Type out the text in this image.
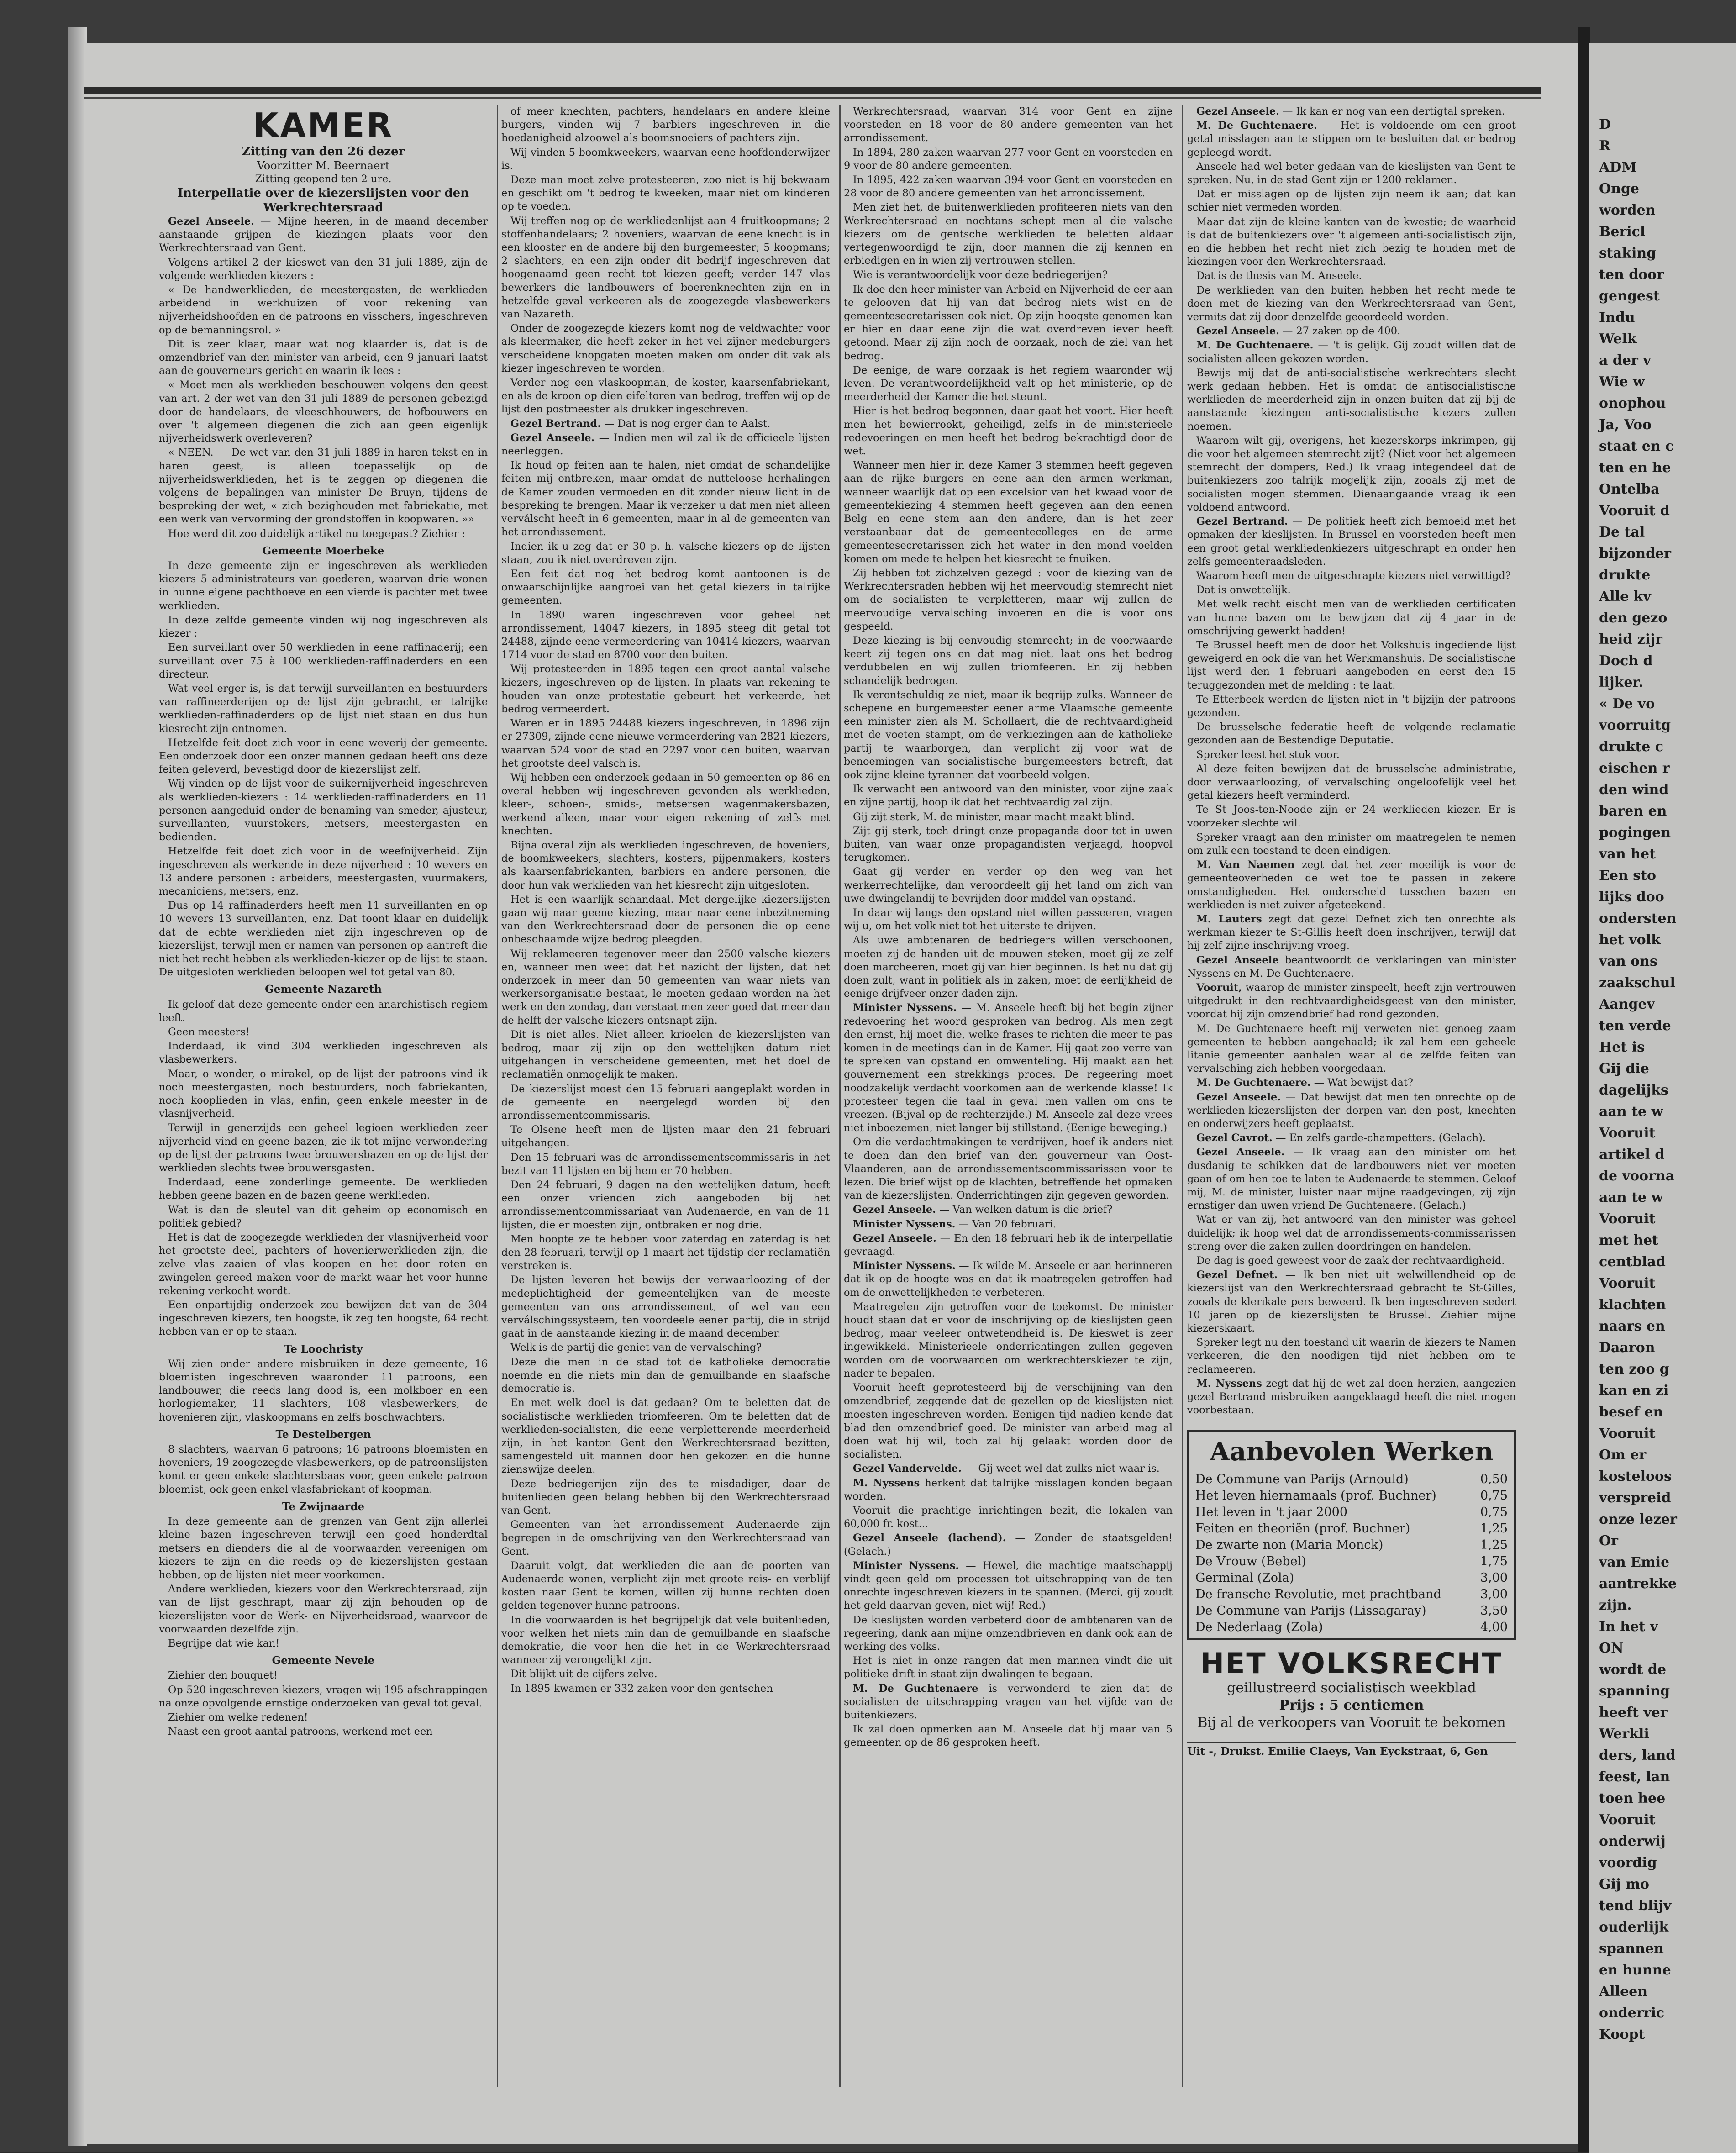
D
R
ADM
Onge
worden
Bericl
staking
ten door
gengest
Indu
Welk
a der v
Wie w
onophou
Ja, Voo
staat en c
ten en he
Ontelba
Vooruit d
De tal
bijzonder
drukte
Alle kv
den gezo
heid zijr
Doch d
lijker.
« De vo
voorruitg
drukte c
eischen r
den wind
baren en
pogingen
van het
Een sto
lijks doo
ondersten
het volk
van ons
zaakschul
Aangev
ten verde
Het is
Gij die
dagelijks
aan te w
Vooruit
artikel d
de voorna
aan te w
Vooruit
met het
centblad
Vooruit
klachten
naars en
Daaron
ten zoo g
kan en zi
besef en
Vooruit
Om er
kosteloos
verspreid
onze lezer
Or
van Emie
aantrekke
zijn.
In het v
ON
wordt de
spanning
heeft ver
Werkli
ders, land
feest, lan
toen hee
Vooruit
onderwij
voordig
Gij mo
tend blijv
ouderlijk
spannen
en hunne
Alleen
onderric
Koopt
KAMER
Zitting van den 26 dezer
Voorzitter M. Beernaert
Zitting geopend ten 2 ure.
Interpellatie over de kiezerslijsten voor den Werkrechtersraad

Gezel Anseele. — Mijne heeren, in de maand december aanstaande grijpen de kiezingen plaats voor den Werkrechtersraad van Gent.

Volgens artikel 2 der kieswet van den 31 juli 1889, zijn de volgende werklieden kiezers :

« De handwerklieden, de meestergasten, de werklieden arbeidend in werkhuizen of voor rekening van nijverheidshoofden en de patroons en visschers, ingeschreven op de bemanningsrol. »

Dit is zeer klaar, maar wat nog klaarder is, dat is de omzendbrief van den minister van arbeid, den 9 januari laatst aan de gouverneurs gericht en waarin ik lees :

« Moet men als werklieden beschouwen volgens den geest van art. 2 der wet van den 31 juli 1889 de personen gebezigd door de handelaars, de vleeschhouwers, de hofbouwers en over 't algemeen diegenen die zich aan geen eigenlijk nijverheidswerk overleveren?

« NEEN. — De wet van den 31 juli 1889 in haren tekst en in haren geest, is alleen toepasselijk op de nijverheidswerklieden, het is te zeggen op diegenen die volgens de bepalingen van minister De Bruyn, tijdens de bespreking der wet, « zich bezighouden met fabriekatie, met een werk van vervorming der grondstoffen in koopwaren. »»

Hoe werd dit zoo duidelijk artikel nu toegepast? Ziehier :

Gemeente Moerbeke

In deze gemeente zijn er ingeschreven als werklieden kiezers 5 administrateurs van goederen, waarvan drie wonen in hunne eigene pachthoeve en een vierde is pachter met twee werklieden.

In deze zelfde gemeente vinden wij nog ingeschreven als kiezer :

Een surveillant over 50 werklieden in eene raffinaderij; een surveillant over 75 à 100 werklieden-raffinaderders en een directeur.

Wat veel erger is, is dat terwijl surveillanten en bestuurders van raffineerderijen op de lijst zijn gebracht, er talrijke werklieden-raffinaderders op de lijst niet staan en dus hun kiesrecht zijn ontnomen.

Hetzelfde feit doet zich voor in eene weverij der gemeente. Een onderzoek door een onzer mannen gedaan heeft ons deze feiten geleverd, bevestigd door de kiezerslijst zelf.

Wij vinden op de lijst voor de suikernijverheid ingeschreven als werklieden-kiezers : 14 werklieden-raffinaderders en 11 personen aangeduid onder de benaming van smeder, ajusteur, surveillanten, vuurstokers, metsers, meestergasten en bedienden.

Hetzelfde feit doet zich voor in de weefnijverheid. Zijn ingeschreven als werkende in deze nijverheid : 10 wevers en 13 andere personen : arbeiders, meestergasten, vuurmakers, mecaniciens, metsers, enz.

Dus op 14 raffinaderders heeft men 11 surveillanten en op 10 wevers 13 surveillanten, enz. Dat toont klaar en duidelijk dat de echte werklieden niet zijn ingeschreven op de kiezerslijst, terwijl men er namen van personen op aantreft die niet het recht hebben als werklieden-kiezer op de lijst te staan. De uitgesloten werklieden beloopen wel tot getal van 80.

Gemeente Nazareth

Ik geloof dat deze gemeente onder een anarchistisch regiem leeft.

Geen meesters!

Inderdaad, ik vind 304 werklieden ingeschreven als vlasbewerkers.

Maar, o wonder, o mirakel, op de lijst der patroons vind ik noch meestergasten, noch bestuurders, noch fabriekanten, noch kooplieden in vlas, enfin, geen enkele meester in de vlasnijverheid.

Terwijl in generzijds een geheel legioen werklieden zeer nijverheid vind en geene bazen, zie ik tot mijne verwondering op de lijst der patroons twee brouwersbazen en op de lijst der werklieden slechts twee brouwersgasten.

Inderdaad, eene zonderlinge gemeente. De werklieden hebben geene bazen en de bazen geene werklieden.

Wat is dan de sleutel van dit geheim op economisch en politiek gebied?

Het is dat de zoogezegde werklieden der vlasnijverheid voor het grootste deel, pachters of hovenierwerklieden zijn, die zelve vlas zaaien of vlas koopen en het door roten en zwingelen gereed maken voor de markt waar het voor hunne rekening verkocht wordt.

Een onpartijdig onderzoek zou bewijzen dat van de 304 ingeschreven kiezers, ten hoogste, ik zeg ten hoogste, 64 recht hebben van er op te staan.

Te Loochristy

Wij zien onder andere misbruiken in deze gemeente, 16 bloemisten ingeschreven waaronder 11 patroons, een landbouwer, die reeds lang dood is, een molkboer en een horlogiemaker, 11 slachters, 108 vlasbewerkers, de hovenieren zijn, vlaskoopmans en zelfs boschwachters.

Te Destelbergen

8 slachters, waarvan 6 patroons; 16 patroons bloemisten en hoveniers, 19 zoogezegde vlasbewerkers, op de patroonslijsten komt er geen enkele slachtersbaas voor, geen enkele patroon bloemist, ook geen enkel vlasfabriekant of koopman.

Te Zwijnaarde

In deze gemeente aan de grenzen van Gent zijn allerlei kleine bazen ingeschreven terwijl een goed honderdtal metsers en dienders die al de voorwaarden vereenigen om kiezers te zijn en die reeds op de kiezerslijsten gestaan hebben, op de lijsten niet meer voorkomen.

Andere werklieden, kiezers voor den Werkrechtersraad, zijn van de lijst geschrapt, maar zij zijn behouden op de kiezerslijsten voor de Werk- en Nijverheidsraad, waarvoor de voorwaarden dezelfde zijn.

Begrijpe dat wie kan!

Gemeente Nevele

Ziehier den bouquet!

Op 520 ingeschreven kiezers, vragen wij 195 afschrappingen na onze opvolgende ernstige onderzoeken van geval tot geval.

Ziehier om welke redenen!

Naast een groot aantal patroons, werkend met een

of meer knechten, pachters, handelaars en andere kleine burgers, vinden wij 7 barbiers ingeschreven in die hoedanigheid alzoowel als boomsnoeiers of pachters zijn.

Wij vinden 5 boomkweekers, waarvan eene hoofdonderwijzer is.

Deze man moet zelve protesteeren, zoo niet is hij bekwaam en geschikt om 't bedrog te kweeken, maar niet om kinderen op te voeden.

Wij treffen nog op de werkliedenlijst aan 4 fruitkoopmans; 2 stoffenhandelaars; 2 hoveniers, waarvan de eene knecht is in een klooster en de andere bij den burgemeester; 5 koopmans; 2 slachters, en een zijn onder dit bedrijf ingeschreven dat hoogenaamd geen recht tot kiezen geeft; verder 147 vlas bewerkers die landbouwers of boerenknechten zijn en in hetzelfde geval verkeeren als de zoogezegde vlasbewerkers van Nazareth.

Onder de zoogezegde kiezers komt nog de veldwachter voor als kleermaker, die heeft zeker in het vel zijner medeburgers verscheidene knopgaten moeten maken om onder dit vak als kiezer ingeschreven te worden.

Verder nog een vlaskoopman, de koster, kaarsenfabriekant, en als de kroon op dien eifeltoren van bedrog, treffen wij op de lijst den postmeester als drukker ingeschreven.

Gezel Bertrand. — Dat is nog erger dan te Aalst.

Gezel Anseele. — Indien men wil zal ik de officieele lijsten neerleggen.

Ik houd op feiten aan te halen, niet omdat de schandelijke feiten mij ontbreken, maar omdat de nutteloose herhalingen de Kamer zouden vermoeden en dit zonder nieuw licht in de bespreking te brengen. Maar ik verzeker u dat men niet alleen verválscht heeft in 6 gemeenten, maar in al de gemeenten van het arrondissement.

Indien ik u zeg dat er 30 p. h. valsche kiezers op de lijsten staan, zou ik niet overdreven zijn.

Een feit dat nog het bedrog komt aantoonen is de onwaarschijnlijke aangroei van het getal kiezers in talrijke gemeenten.

In 1890 waren ingeschreven voor geheel het arrondissement, 14047 kiezers, in 1895 steeg dit getal tot 24488, zijnde eene vermeerdering van 10414 kiezers, waarvan 1714 voor de stad en 8700 voor den buiten.

Wij protesteerden in 1895 tegen een groot aantal valsche kiezers, ingeschreven op de lijsten. In plaats van rekening te houden van onze protestatie gebeurt het verkeerde, het bedrog vermeerdert.

Waren er in 1895 24488 kiezers ingeschreven, in 1896 zijn er 27309, zijnde eene nieuwe vermeerdering van 2821 kiezers, waarvan 524 voor de stad en 2297 voor den buiten, waarvan het grootste deel valsch is.

Wij hebben een onderzoek gedaan in 50 gemeenten op 86 en overal hebben wij ingeschreven gevonden als werklieden, kleer-, schoen-, smids-, metsersen wagenmakersbazen, werkend alleen, maar voor eigen rekening of zelfs met knechten.

Bijna overal zijn als werklieden ingeschreven, de hoveniers, de boomkweekers, slachters, kosters, pijpenmakers, kosters als kaarsenfabriekanten, barbiers en andere personen, die door hun vak werklieden van het kiesrecht zijn uitgesloten.

Het is een waarlijk schandaal. Met dergelijke kiezerslijsten gaan wij naar geene kiezing, maar naar eene inbezitneming van den Werkrechtersraad door de personen die op eene onbeschaamde wijze bedrog pleegden.

Wij reklameeren tegenover meer dan 2500 valsche kiezers en, wanneer men weet dat het nazicht der lijsten, dat het onderzoek in meer dan 50 gemeenten van waar niets van werkersorganisatie bestaat, le moeten gedaan worden na het werk en den zondag, dan verstaat men zeer goed dat meer dan de helft der valsche kiezers ontsnapt zijn.

Dit is niet alles. Niet alleen krioelen de kiezerslijsten van bedrog, maar zij zijn op den wettelijken datum niet uitgehangen in verscheidene gemeenten, met het doel de reclamatiën onmogelijk te maken.

De kiezerslijst moest den 15 februari aangeplakt worden in de gemeente en neergelegd worden bij den arrondissementcommissaris.

Te Olsene heeft men de lijsten maar den 21 februari uitgehangen.

Den 15 februari was de arrondissementscommissaris in het bezit van 11 lijsten en bij hem er 70 hebben.

Den 24 februari, 9 dagen na den wettelijken datum, heeft een onzer vrienden zich aangeboden bij het arrondissementcommissariaat van Audenaerde, en van de 11 lijsten, die er moesten zijn, ontbraken er nog drie.

Men hoopte ze te hebben voor zaterdag en zaterdag is het den 28 februari, terwijl op 1 maart het tijdstip der reclamatiën verstreken is.

De lijsten leveren het bewijs der verwaarloozing of der medeplichtigheid der gemeentelijken van de meeste gemeenten van ons arrondissement, of wel van een verválschingssysteem, ten voordeele eener partij, die in strijd gaat in de aanstaande kiezing in de maand december.

Welk is de partij die geniet van de vervalsching?

Deze die men in de stad tot de katholieke democratie noemde en die niets min dan de gemuilbande en slaafsche democratie is.

En met welk doel is dat gedaan? Om te beletten dat de socialistische werklieden triomfeeren. Om te beletten dat de werklieden-socialisten, die eene verpletterende meerderheid zijn, in het kanton Gent den Werkrechtersraad bezitten, samengesteld uit mannen door hen gekozen en die hunne zienswijze deelen.

Deze bedriegerijen zijn des te misdadiger, daar de buitenlieden geen belang hebben bij den Werkrechtersraad van Gent.

Gemeenten van het arrondissement Audenaerde zijn begrepen in de omschrijving van den Werkrechtersraad van Gent.

Daaruit volgt, dat werklieden die aan de poorten van Audenaerde wonen, verplicht zijn met groote reis- en verblijf kosten naar Gent te komen, willen zij hunne rechten doen gelden tegenover hunne patroons.

In die voorwaarden is het begrijpelijk dat vele buitenlieden, voor welken het niets min dan de gemuilbande en slaafsche demokratie, die voor hen die het in de Werkrechtersraad wanneer zij verongelijkt zijn.

Dit blijkt uit de cijfers zelve.

In 1895 kwamen er 332 zaken voor den gentschen

Werkrechtersraad, waarvan 314 voor Gent en zijne voorsteden en 18 voor de 80 andere gemeenten van het arrondissement.

In 1894, 280 zaken waarvan 277 voor Gent en voorsteden en 9 voor de 80 andere gemeenten.

In 1895, 422 zaken waarvan 394 voor Gent en voorsteden en 28 voor de 80 andere gemeenten van het arrondissement.

Men ziet het, de buitenwerklieden profiteeren niets van den Werkrechtersraad en nochtans schept men al die valsche kiezers om de gentsche werklieden te beletten aldaar vertegenwoordigd te zijn, door mannen die zij kennen en erbiedigen en in wien zij vertrouwen stellen.

Wie is verantwoordelijk voor deze bedriegerijen?

Ik doe den heer minister van Arbeid en Nijverheid de eer aan te gelooven dat hij van dat bedrog niets wist en de gemeentesecretarissen ook niet. Op zijn hoogste genomen kan er hier en daar eene zijn die wat overdreven iever heeft getoond. Maar zij zijn noch de oorzaak, noch de ziel van het bedrog.

De eenige, de ware oorzaak is het regiem waaronder wij leven. De verantwoordelijkheid valt op het ministerie, op de meerderheid der Kamer die het steunt.

Hier is het bedrog begonnen, daar gaat het voort. Hier heeft men het bewierrookt, geheiligd, zelfs in de ministerieele redevoeringen en men heeft het bedrog bekrachtigd door de wet.

Wanneer men hier in deze Kamer 3 stemmen heeft gegeven aan de rijke burgers en eene aan den armen werkman, wanneer waarlijk dat op een excelsior van het kwaad voor de gemeentekiezing 4 stemmen heeft gegeven aan den eenen Belg en eene stem aan den andere, dan is het zeer verstaanbaar dat de gemeentecolleges en de arme gemeentesecretarissen zich het water in den mond voelden komen om mede te helpen het kiesrecht te fnuiken.

Zij hebben tot zichzelven gezegd : voor de kiezing van de Werkrechtersraden hebben wij het meervoudig stemrecht niet om de socialisten te verpletteren, maar wij zullen de meervoudige vervalsching invoeren en die is voor ons gespeeld.

Deze kiezing is bij eenvoudig stemrecht; in de voorwaarde keert zij tegen ons en dat mag niet, laat ons het bedrog verdubbelen en wij zullen triomfeeren. En zij hebben schandelijk bedrogen.

Ik verontschuldig ze niet, maar ik begrijp zulks. Wanneer de schepene en burgemeester eener arme Vlaamsche gemeente een minister zien als M. Schollaert, die de rechtvaardigheid met de voeten stampt, om de verkiezingen aan de katholieke partij te waarborgen, dan verplicht zij voor wat de benoemingen van socialistische burgemeesters betreft, dat ook zijne kleine tyrannen dat voorbeeld volgen.

Ik verwacht een antwoord van den minister, voor zijne zaak en zijne partij, hoop ik dat het rechtvaardig zal zijn.

Gij zijt sterk, M. de minister, maar macht maakt blind.

Zijt gij sterk, toch dringt onze propaganda door tot in uwen buiten, van waar onze propagandisten verjaagd, hoopvol terugkomen.

Gaat gij verder en verder op den weg van het werkerrechtelijke, dan veroordeelt gij het land om zich van uwe dwingelandij te bevrijden door middel van opstand.

In daar wij langs den opstand niet willen passeeren, vragen wij u, om het volk niet tot het uiterste te drijven.

Als uwe ambtenaren de bedriegers willen verschoonen, moeten zij de handen uit de mouwen steken, moet gij ze zelf doen marcheeren, moet gij van hier beginnen. Is het nu dat gij doen zult, want in politiek als in zaken, moet de eerlijkheid de eenige drijfveer onzer daden zijn.

Minister Nyssens. — M. Anseele heeft bij het begin zijner redevoering het woord gesproken van bedrog. Als men zegt den ernst, hij moet die, welke frases te richten die meer te pas komen in de meetings dan in de Kamer. Hij gaat zoo verre van te spreken van opstand en omwenteling. Hij maakt aan het gouvernement een strekkings proces. De regeering moet noodzakelijk verdacht voorkomen aan de werkende klasse! Ik protesteer tegen die taal in geval men vallen om ons te vreezen. (Bijval op de rechterzijde.) M. Anseele zal deze vrees niet inboezemen, niet langer bij stillstand. (Eenige beweging.)

Om die verdachtmakingen te verdrijven, hoef ik anders niet te doen dan den brief van den gouverneur van Oost-Vlaanderen, aan de arrondissementscommissarissen voor te lezen. Die brief wijst op de klachten, betreffende het opmaken van de kiezerslijsten. Onderrichtingen zijn gegeven geworden.

Gezel Anseele. — Van welken datum is die brief?

Minister Nyssens. — Van 20 februari.

Gezel Anseele. — En den 18 februari heb ik de interpellatie gevraagd.

Minister Nyssens. — Ik wilde M. Anseele er aan herinneren dat ik op de hoogte was en dat ik maatregelen getroffen had om de onwettelijkheden te verbeteren.

Maatregelen zijn getroffen voor de toekomst. De minister houdt staan dat er voor de inschrijving op de kieslijsten geen bedrog, maar veeleer ontwetendheid is. De kieswet is zeer ingewikkeld. Ministerieele onderrichtingen zullen gegeven worden om de voorwaarden om werkrechterskiezer te zijn, nader te bepalen.

Vooruit heeft geprotesteerd bij de verschijning van den omzendbrief, zeggende dat de gezellen op de kieslijsten niet moesten ingeschreven worden. Eenigen tijd nadien kende dat blad den omzendbrief goed. De minister van arbeid mag al doen wat hij wil, toch zal hij gelaakt worden door de socialisten.

Gezel Vandervelde. — Gij weet wel dat zulks niet waar is.

M. Nyssens herkent dat talrijke misslagen konden begaan worden.

Vooruit die prachtige inrichtingen bezit, die lokalen van 60,000 fr. kost...

Gezel Anseele (lachend). — Zonder de staatsgelden! (Gelach.)

Minister Nyssens. — Hewel, die machtige maatschappij vindt geen geld om processen tot uitschrapping van de ten onrechte ingeschreven kiezers in te spannen. (Merci, gij zoudt het geld daarvan geven, niet wij! Red.)

De kieslijsten worden verbeterd door de ambtenaren van de regeering, dank aan mijne omzendbrieven en dank ook aan de werking des volks.

Het is niet in onze rangen dat men mannen vindt die uit politieke drift in staat zijn dwalingen te begaan.

M. De Guchtenaere is verwonderd te zien dat de socialisten de uitschrapping vragen van het vijfde van de buitenkiezers.

Ik zal doen opmerken aan M. Anseele dat hij maar van 5 gemeenten op de 86 gesproken heeft.

Gezel Anseele. — Ik kan er nog van een dertigtal spreken.

M. De Guchtenaere. — Het is voldoende om een groot getal misslagen aan te stippen om te besluiten dat er bedrog gepleegd wordt.

Anseele had wel beter gedaan van de kieslijsten van Gent te spreken. Nu, in de stad Gent zijn er 1200 reklamen.

Dat er misslagen op de lijsten zijn neem ik aan; dat kan schier niet vermeden worden.

Maar dat zijn de kleine kanten van de kwestie; de waarheid is dat de buitenkiezers over 't algemeen anti-socialistisch zijn, en die hebben het recht niet zich bezig te houden met de kiezingen voor den Werkrechtersraad.

Dat is de thesis van M. Anseele.

De werklieden van den buiten hebben het recht mede te doen met de kiezing van den Werkrechtersraad van Gent, vermits dat zij door denzelfde geoordeeld worden.

Gezel Anseele. — 27 zaken op de 400.

M. De Guchtenaere. — 't is gelijk. Gij zoudt willen dat de socialisten alleen gekozen worden.

Bewijs mij dat de anti-socialistische werkrechters slecht werk gedaan hebben. Het is omdat de antisocialistische werklieden de meerderheid zijn in onzen buiten dat zij bij de aanstaande kiezingen anti-socialistische kiezers zullen noemen.

Waarom wilt gij, overigens, het kiezerskorps inkrimpen, gij die voor het algemeen stemrecht zijt? (Niet voor het algemeen stemrecht der dompers, Red.) Ik vraag integendeel dat de buitenkiezers zoo talrijk mogelijk zijn, zooals zij met de socialisten mogen stemmen. Dienaangaande vraag ik een voldoend antwoord.

Gezel Bertrand. — De politiek heeft zich bemoeid met het opmaken der kieslijsten. In Brussel en voorsteden heeft men een groot getal werkliedenkiezers uitgeschrapt en onder hen zelfs gemeenteraadsleden.

Waarom heeft men de uitgeschrapte kiezers niet verwittigd?

Dat is onwettelijk.

Met welk recht eischt men van de werklieden certificaten van hunne bazen om te bewijzen dat zij 4 jaar in de omschrijving gewerkt hadden!

Te Brussel heeft men de door het Volkshuis ingediende lijst geweigerd en ook die van het Werkmanshuis. De socialistische lijst werd den 1 februari aangeboden en eerst den 15 teruggezonden met de melding : te laat.

Te Etterbeek werden de lijsten niet in 't bijzijn der patroons gezonden.

De brusselsche federatie heeft de volgende reclamatie gezonden aan de Bestendige Deputatie.

Spreker leest het stuk voor.

Al deze feiten bewijzen dat de brusselsche administratie, door verwaarloozing, of vervalsching ongeloofelijk veel het getal kiezers heeft verminderd.

Te St Joos-ten-Noode zijn er 24 werklieden kiezer. Er is voorzeker slechte wil.

Spreker vraagt aan den minister om maatregelen te nemen om zulk een toestand te doen eindigen.

M. Van Naemen zegt dat het zeer moeilijk is voor de gemeenteoverheden de wet toe te passen in zekere omstandigheden. Het onderscheid tusschen bazen en werklieden is niet zuiver afgeteekend.

M. Lauters zegt dat gezel Defnet zich ten onrechte als werkman kiezer te St-Gillis heeft doen inschrijven, terwijl dat hij zelf zijne inschrijving vroeg.

Gezel Anseele beantwoordt de verklaringen van minister Nyssens en M. De Guchtenaere.

Vooruit, waarop de minister zinspeelt, heeft zijn vertrouwen uitgedrukt in den rechtvaardigheidsgeest van den minister, voordat hij zijn omzendbrief had rond gezonden.

M. De Guchtenaere heeft mij verweten niet genoeg zaam gemeenten te hebben aangehaald; ik zal hem een geheele litanie gemeenten aanhalen waar al de zelfde feiten van vervalsching zich hebben voorgedaan.

M. De Guchtenaere. — Wat bewijst dat?

Gezel Anseele. — Dat bewijst dat men ten onrechte op de werklieden-kiezerslijsten der dorpen van den post, knechten en onderwijzers heeft geplaatst.

Gezel Cavrot. — En zelfs garde-champetters. (Gelach).

Gezel Anseele. — Ik vraag aan den minister om het dusdanig te schikken dat de landbouwers niet ver moeten gaan of om hen toe te laten te Audenaerde te stemmen. Geloof mij, M. de minister, luister naar mijne raadgevingen, zij zijn ernstiger dan uwen vriend De Guchtenaere. (Gelach.)

Wat er van zij, het antwoord van den minister was geheel duidelijk; ik hoop wel dat de arrondissements-commissarissen streng over die zaken zullen doordringen en handelen.

De dag is goed geweest voor de zaak der rechtvaardigheid.

Gezel Defnet. — Ik ben niet uit welwillendheid op de kiezerslijst van den Werkrechtersraad gebracht te St-Gilles, zooals de klerikale pers beweerd. Ik ben ingeschreven sedert 10 jaren op de kiezerslijsten te Brussel. Ziehier mijne kiezerskaart.

Spreker legt nu den toestand uit waarin de kiezers te Namen verkeeren, die den noodigen tijd niet hebben om te reclameeren.

M. Nyssens zegt dat hij de wet zal doen herzien, aangezien gezel Bertrand misbruiken aangeklaagd heeft die niet mogen voorbestaan.

Aanbevolen Werken
De Commune van Parijs (Arnould)	0,50
Het leven hiernamaals (prof. Buchner)	0,75
Het leven in 't jaar 2000	0,75
Feiten en theoriën (prof. Buchner)	1,25
De zwarte non (Maria Monck)	1,25
De Vrouw (Bebel)	1,75
Germinal (Zola)	3,00
De fransche Revolutie, met prachtband	3,00
De Commune van Parijs (Lissagaray)	3,50
De Nederlaag (Zola)	4,00
HET VOLKSRECHT
geillustreerd socialistisch weekblad
Prijs : 5 centiemen
Bij al de verkoopers van Vooruit te bekomen
Uit -, Drukst. Emilie Claeys, Van Eyckstraat, 6, Gen
